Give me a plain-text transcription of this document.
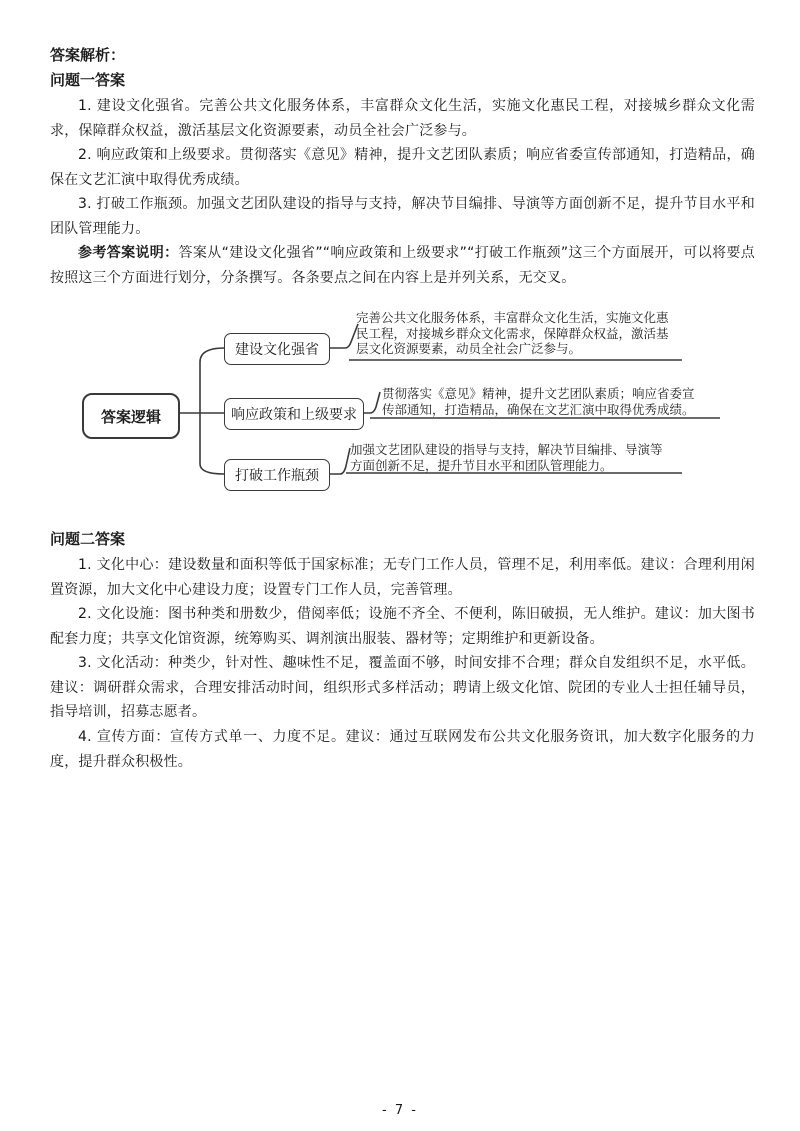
答案解析：
问题一答案
1. 建设文化强省。完善公共文化服务体系，丰富群众文化生活，实施文化惠民工程，对接城乡群众文化需求，保障群众权益，激活基层文化资源要素，动员全社会广泛参与。
2. 响应政策和上级要求。贯彻落实《意见》精神，提升文艺团队素质；响应省委宣传部通知，打造精品，确保在文艺汇演中取得优秀成绩。
3. 打破工作瓶颈。加强文艺团队建设的指导与支持，解决节目编排、导演等方面创新不足，提升节目水平和团队管理能力。
参考答案说明：答案从“建设文化强省”“响应政策和上级要求”“打破工作瓶颈”这三个方面展开，可以将要点按照这三个方面进行划分，分条撰写。各条要点之间在内容上是并列关系，无交叉。
答案逻辑
建设文化强省
响应政策和上级要求
打破工作瓶颈
完善公共文化服务体系，丰富群众文化生活，实施文化惠民工程，对接城乡群众文化需求，保障群众权益，激活基层文化资源要素，动员全社会广泛参与。
贯彻落实《意见》精神，提升文艺团队素质；响应省委宣传部通知，打造精品，确保在文艺汇演中取得优秀成绩。
加强文艺团队建设的指导与支持，解决节目编排、导演等方面创新不足，提升节目水平和团队管理能力。
问题二答案
1. 文化中心：建设数量和面积等低于国家标准；无专门工作人员，管理不足，利用率低。建议：合理利用闲置资源，加大文化中心建设力度；设置专门工作人员，完善管理。
2. 文化设施：图书种类和册数少，借阅率低；设施不齐全、不便利，陈旧破损，无人维护。建议：加大图书配套力度；共享文化馆资源，统筹购买、调剂演出服装、器材等；定期维护和更新设备。
3. 文化活动：种类少，针对性、趣味性不足，覆盖面不够，时间安排不合理；群众自发组织不足，水平低。建议：调研群众需求，合理安排活动时间，组织形式多样活动；聘请上级文化馆、院团的专业人士担任辅导员，指导培训，招募志愿者。
4. 宣传方面：宣传方式单一、力度不足。建议：通过互联网发布公共文化服务资讯，加大数字化服务的力度，提升群众积极性。
- 7 -
